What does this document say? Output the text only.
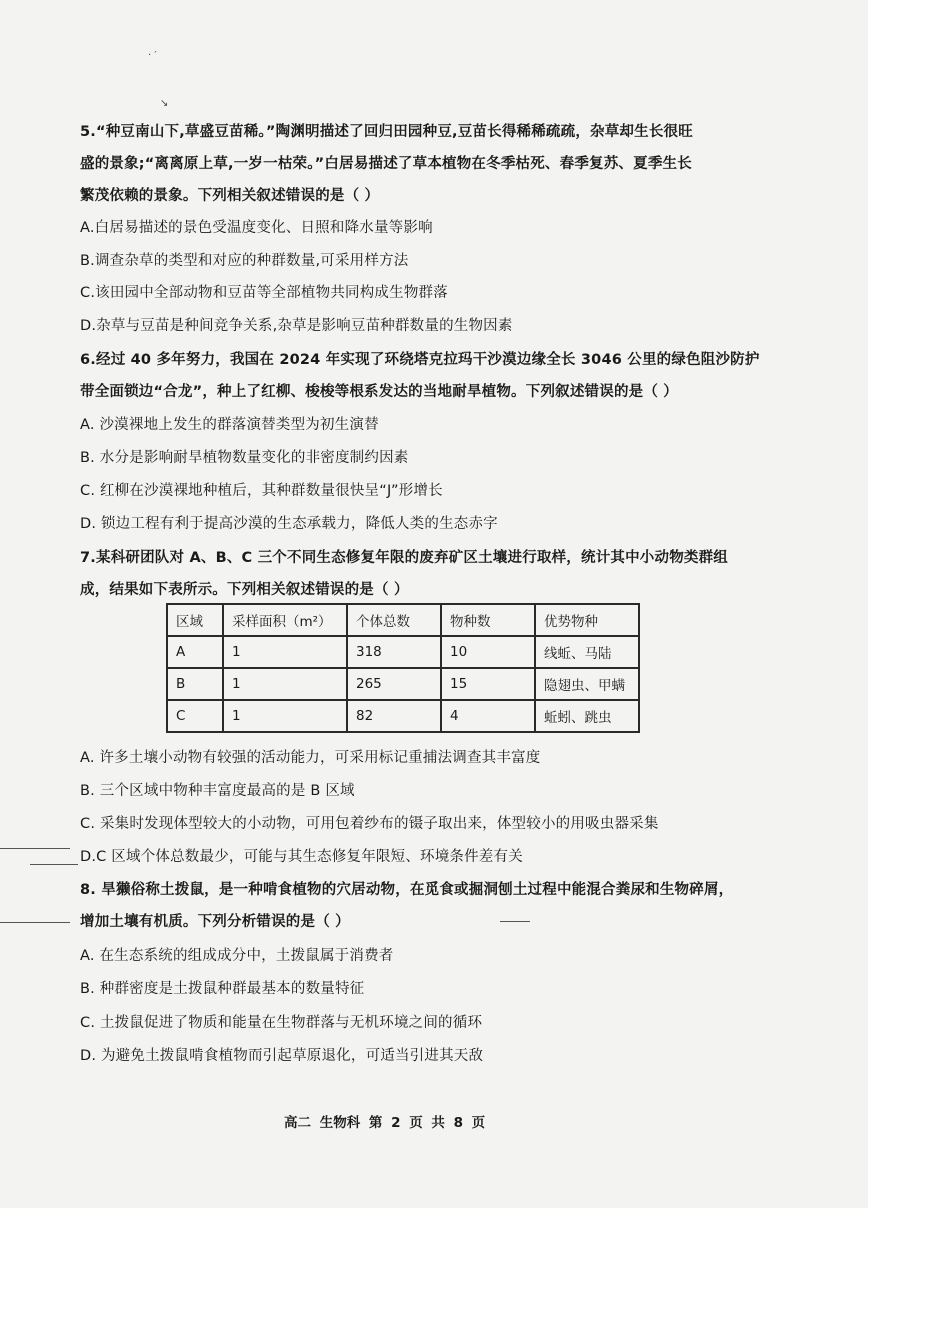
· ′
↘
5.“种豆南山下,草盛豆苗稀。”陶渊明描述了回归田园种豆,豆苗长得稀稀疏疏，杂草却生长很旺
盛的景象;“离离原上草,一岁一枯荣。”白居易描述了草本植物在冬季枯死、春季复苏、夏季生长
繁茂依赖的景象。下列相关叙述错误的是（ ）
A.白居易描述的景色受温度变化、日照和降水量等影响
B.调查杂草的类型和对应的种群数量,可采用样方法
C.该田园中全部动物和豆苗等全部植物共同构成生物群落
D.杂草与豆苗是种间竞争关系,杂草是影响豆苗种群数量的生物因素
6.经过 40 多年努力，我国在 2024 年实现了环绕塔克拉玛干沙漠边缘全长 3046 公里的绿色阻沙防护
带全面锁边“合龙”，种上了红柳、梭梭等根系发达的当地耐旱植物。下列叙述错误的是（ ）
A. 沙漠裸地上发生的群落演替类型为初生演替
B. 水分是影响耐旱植物数量变化的非密度制约因素
C. 红柳在沙漠裸地种植后，其种群数量很快呈“J”形增长
D. 锁边工程有利于提高沙漠的生态承载力，降低人类的生态赤字
7.某科研团队对 A、B、C 三个不同生态修复年限的废弃矿区土壤进行取样，统计其中小动物类群组
成，结果如下表所示。下列相关叙述错误的是（ ）
区域	采样面积（m²）	个体总数	物种数	优势物种
A	1	318	10	线蚯、马陆
B	1	265	15	隐翅虫、甲螨
C	1	82	4	蚯蚓、跳虫
A. 许多土壤小动物有较强的活动能力，可采用标记重捕法调查其丰富度
B. 三个区域中物种丰富度最高的是 B 区域
C. 采集时发现体型较大的小动物，可用包着纱布的镊子取出来，体型较小的用吸虫器采集
D.C 区域个体总数最少，可能与其生态修复年限短、环境条件差有关
8. 旱獭俗称土拨鼠，是一种啃食植物的穴居动物，在觅食或掘洞刨土过程中能混合粪尿和生物碎屑，
增加土壤有机质。下列分析错误的是（ ）
A. 在生态系统的组成成分中，土拨鼠属于消费者
B. 种群密度是土拨鼠种群最基本的数量特征
C. 土拨鼠促进了物质和能量在生物群落与无机环境之间的循环
D. 为避免土拨鼠啃食植物而引起草原退化，可适当引进其天敌
高二 生物科 第 2 页 共 8 页
